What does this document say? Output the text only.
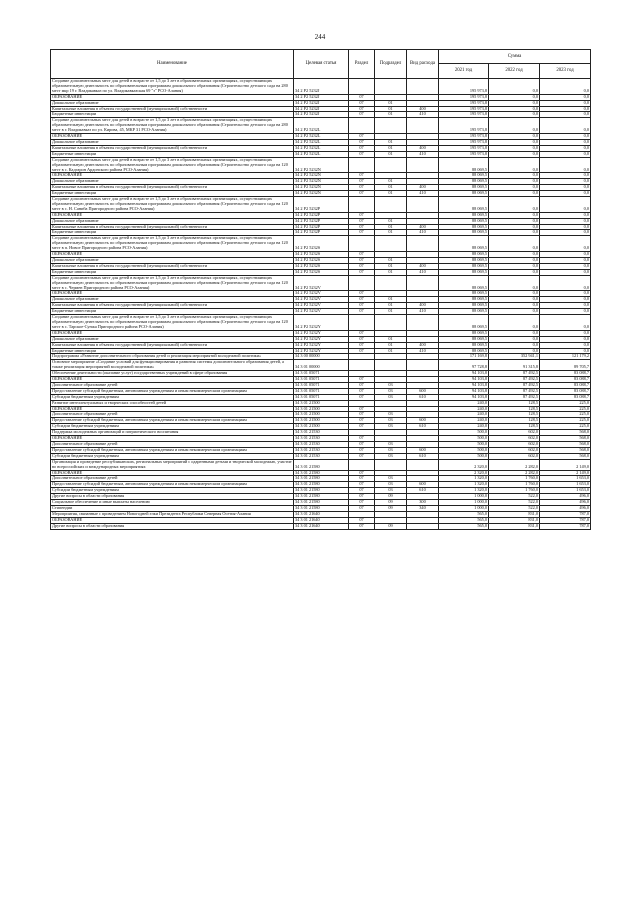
244
Наименование	Целевая статья	Раздел	Подраздел	Вид расхода	Сумма		
					2021 год	2022 год	2023 год
Создание дополнительных мест для детей в возрасте от 1,5 до 3 лет в образовательных организациях, осуществляющих образовательную деятельность по образовательным программам дошкольного образования (Строительство детского сада на 280 мест мкр 19 г. Владикавказ по ул. Владикавказская 69 "з" РСО-Алания)	34 2 P2 5232J				195 973,8	0,0	0,0
ОБРАЗОВАНИЕ	34 2 P2 5232J	07			195 973,8	0,0	0,0
Дошкольное образование	34 2 P2 5232J	07	01		195 973,8	0,0	0,0
Капитальные вложения в объекты государственной (муниципальной) собственности	34 2 P2 5232J	07	01	400	195 973,8	0,0	0,0
Бюджетные инвестиции	34 2 P2 5232J	07	01	410	195 973,8	0,0	0,0
Создание дополнительных мест для детей в возрасте от 1,5 до 3 лет в образовательных организациях, осуществляющих образовательную деятельность по образовательным программам дошкольного образования (Строительство детского сада на 280 мест в г. Владикавказ по ул. Кирова, 45, МКР 31 РСО-Алания)	34 2 P2 5232L				195 973,8	0,0	0,0
ОБРАЗОВАНИЕ	34 2 P2 5232L	07			195 973,8	0,0	0,0
Дошкольное образование	34 2 P2 5232L	07	01		195 973,8	0,0	0,0
Капитальные вложения в объекты государственной (муниципальной) собственности	34 2 P2 5232L	07	01	400	195 973,8	0,0	0,0
Бюджетные инвестиции	34 2 P2 5232L	07	01	410	195 973,8	0,0	0,0
Создание дополнительных мест для детей в возрасте от 1,5 до 3 лет в образовательных организациях, осуществляющих образовательную деятельность по образовательным программам дошкольного образования (Строительство детского сада на 120 мест в с. Кадгарон Ардонского района РСО-Алания)	34 2 P2 5232N				88 069,5	0,0	0,0
ОБРАЗОВАНИЕ	34 2 P2 5232N	07			88 069,5	0,0	0,0
Дошкольное образование	34 2 P2 5232N	07	01		88 069,5	0,0	0,0
Капитальные вложения в объекты государственной (муниципальной) собственности	34 2 P2 5232N	07	01	400	88 069,5	0,0	0,0
Бюджетные инвестиции	34 2 P2 5232N	07	01	410	88 069,5	0,0	0,0
Создание дополнительных мест для детей в возрасте от 1,5 до 3 лет в образовательных организациях, осуществляющих образовательную деятельность по образовательным программам дошкольного образования (Строительство детского сада на 120 мест в с. Н. Саниба Пригородного района РСО-Алания)	34 2 P2 5232P				88 069,5	0,0	0,0
ОБРАЗОВАНИЕ	34 2 P2 5232P	07			88 069,5	0,0	0,0
Дошкольное образование	34 2 P2 5232P	07	01		88 069,5	0,0	0,0
Капитальные вложения в объекты государственной (муниципальной) собственности	34 2 P2 5232P	07	01	400	88 069,5	0,0	0,0
Бюджетные инвестиции	34 2 P2 5232P	07	01	410	88 069,5	0,0	0,0
Создание дополнительных мест для детей в возрасте от 1,5 до 3 лет в образовательных организациях, осуществляющих образовательную деятельность по образовательным программам дошкольного образования (Строительство детского сада на 120 мест в п. Новое Пригородного района РСО-Алания)	34 2 P2 5232S				88 069,5	0,0	0,0
ОБРАЗОВАНИЕ	34 2 P2 5232S	07			88 069,5	0,0	0,0
Дошкольное образование	34 2 P2 5232S	07	01		88 069,5	0,0	0,0
Капитальные вложения в объекты государственной (муниципальной) собственности	34 2 P2 5232S	07	01	400	88 069,5	0,0	0,0
Бюджетные инвестиции	34 2 P2 5232S	07	01	410	88 069,5	0,0	0,0
Создание дополнительных мест для детей в возрасте от 1,5 до 3 лет в образовательных организациях, осуществляющих образовательную деятельность по образовательным программам дошкольного образования (Строительство детского сада на 120 мест в с. Чермен Пригородного района РСО-Алания)	34 2 P2 5232V				88 069,5	0,0	0,0
ОБРАЗОВАНИЕ	34 2 P2 5232V	07			88 069,5	0,0	0,0
Дошкольное образование	34 2 P2 5232V	07	01		88 069,5	0,0	0,0
Капитальные вложения в объекты государственной (муниципальной) собственности	34 2 P2 5232V	07	01	400	88 069,5	0,0	0,0
Бюджетные инвестиции	34 2 P2 5232V	07	01	410	88 069,5	0,0	0,0
Создание дополнительных мест для детей в возрасте от 1,5 до 3 лет в образовательных организациях, осуществляющих образовательную деятельность по образовательным программам дошкольного образования (Строительство детского сада на 120 мест в с. Тарское-Сунжа Пригородного района РСО-Алания)	34 2 P2 5232Y				88 069,5	0,0	0,0
ОБРАЗОВАНИЕ	34 2 P2 5232Y	07			88 069,5	0,0	0,0
Дошкольное образование	34 2 P2 5232Y	07	01		88 069,5	0,0	0,0
Капитальные вложения в объекты государственной (муниципальной) собственности	34 2 P2 5232Y	07	01	400	88 069,5	0,0	0,0
Бюджетные инвестиции	34 2 P2 5232Y	07	01	410	88 069,5	0,0	0,0
Подпрограмма «Развитие дополнительного образования детей и реализация мероприятий молодежной политики»	34 3 00 00000				171 169,8	352 941,1	121 179,2
Основное мероприятие «Создание условий для функционирования и развития системы дополнительного образования детей, а также реализация мероприятий молодежной политики»	34 3 01 00000				97 728,8	91 315,8	89 705,7
Обеспечение деятельности (оказание услуг) государственных учреждений в сфере образования	34 3 01 05071				94 103,8	87 492,5	83 088,7
ОБРАЗОВАНИЕ	34 3 01 05071	07			94 103,8	87 492,5	83 088,7
Дополнительное образование детей	34 3 01 05071	07	03		94 103,8	87 492,5	83 088,7
Предоставление субсидий бюджетным, автономным учреждениям и иным некоммерческим организациям	34 3 01 05071	07	03	600	94 103,8	87 492,5	83 088,7
Субсидии бюджетным учреждениям	34 3 01 05071	07	03	610	94 103,8	87 492,5	83 088,7
Развитие интеллектуальных и творческих способностей детей	34 3 01 21500				240,0	128,5	225,0
ОБРАЗОВАНИЕ	34 3 01 21500	07			240,0	128,5	225,0
Дополнительное образование детей	34 3 01 21500	07	03		240,0	128,5	225,0
Предоставление субсидий бюджетным, автономным учреждениям и иным некоммерческим организациям	34 3 01 21500	07	03	600	240,0	128,5	225,0
Субсидии бюджетным учреждениям	34 3 01 21500	07	03	610	240,0	128,5	225,0
Поддержка молодежных организаций и патриотического воспитания	34 3 01 21530				500,0	602,0	568,0
ОБРАЗОВАНИЕ	34 3 01 21530	07			500,0	602,0	568,0
Дополнительное образование детей	34 3 01 21530	07	03		500,0	602,0	568,0
Предоставление субсидий бюджетным, автономным учреждениям и иным некоммерческим организациям	34 3 01 21530	07	03	600	500,0	602,0	568,0
Субсидии бюджетным учреждениям	34 3 01 21530	07	03	610	500,0	602,0	568,0
Организация и проведение республиканских, региональных мероприятий с одаренными детьми и творческой молодежью, участие во всероссийских и международных мероприятиях	34 3 01 21580				2 320,0	2 282,0	2 149,0
ОБРАЗОВАНИЕ	34 3 01 21580	07			2 320,0	2 282,0	2 149,0
Дополнительное образование детей	34 3 01 21580	07	03		1 320,0	1 760,0	1 653,0
Предоставление субсидий бюджетным, автономным учреждениям и иным некоммерческим организациям	34 3 01 21580	07	03	600	1 320,0	1 760,0	1 653,0
Субсидии бюджетным учреждениям	34 3 01 21580	07	03	610	1 320,0	1 760,0	1 653,0
Другие вопросы в области образования	34 3 01 21580	07	09		1 000,0	522,0	496,0
Социальное обеспечение и иные выплаты населению	34 3 01 21580	07	09	300	1 000,0	522,0	496,0
Стипендии	34 3 01 21580	07	09	340	1 000,0	522,0	496,0
Мероприятия, связанные с проведением Новогодней елки Президента Республики Северная Осетия-Алания	34 3 01 21640				565,0	831,0	787,0
ОБРАЗОВАНИЕ	34 3 01 21640	07			565,0	831,0	787,0
Другие вопросы в области образования	34 3 01 21640	07	09		565,0	831,0	787,0
